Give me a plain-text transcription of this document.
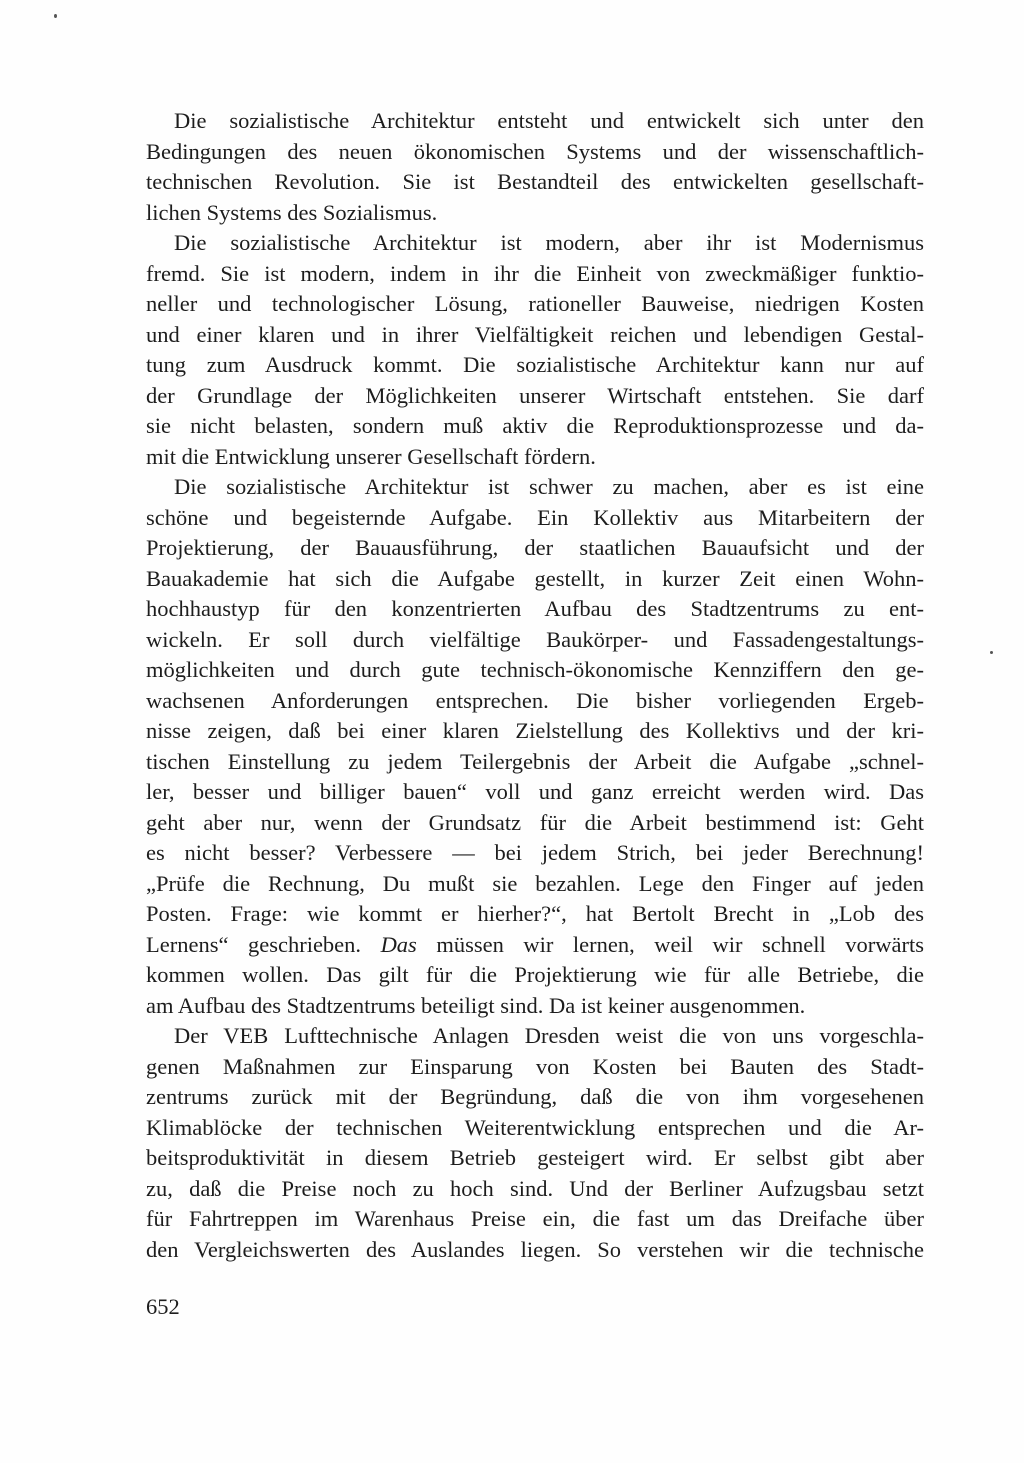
Die sozialistische Architektur entsteht und entwickelt sich unter den
Bedingungen des neuen ökonomischen Systems und der wissenschaftlich-
technischen Revolution. Sie ist Bestandteil des entwickelten gesellschaft-
lichen Systems des Sozialismus.
Die sozialistische Architektur ist modern, aber ihr ist Modernismus
fremd. Sie ist modern, indem in ihr die Einheit von zweckmäßiger funktio-
neller und technologischer Lösung, rationeller Bauweise, niedrigen Kosten
und einer klaren und in ihrer Vielfältigkeit reichen und lebendigen Gestal-
tung zum Ausdruck kommt. Die sozialistische Architektur kann nur auf
der Grundlage der Möglichkeiten unserer Wirtschaft entstehen. Sie darf
sie nicht belasten, sondern muß aktiv die Reproduktionsprozesse und da-
mit die Entwicklung unserer Gesellschaft fördern.
Die sozialistische Architektur ist schwer zu machen, aber es ist eine
schöne und begeisternde Aufgabe. Ein Kollektiv aus Mitarbeitern der
Projektierung, der Bauausführung, der staatlichen Bauaufsicht und der
Bauakademie hat sich die Aufgabe gestellt, in kurzer Zeit einen Wohn-
hochhaustyp für den konzentrierten Aufbau des Stadtzentrums zu ent-
wickeln. Er soll durch vielfältige Baukörper- und Fassadengestaltungs-
möglichkeiten und durch gute technisch-ökonomische Kennziffern den ge-
wachsenen Anforderungen entsprechen. Die bisher vorliegenden Ergeb-
nisse zeigen, daß bei einer klaren Zielstellung des Kollektivs und der kri-
tischen Einstellung zu jedem Teilergebnis der Arbeit die Aufgabe „schnel-
ler, besser und billiger bauen“ voll und ganz erreicht werden wird. Das
geht aber nur, wenn der Grundsatz für die Arbeit bestimmend ist: Geht
es nicht besser? Verbessere — bei jedem Strich, bei jeder Berechnung!
„Prüfe die Rechnung, Du mußt sie bezahlen. Lege den Finger auf jeden
Posten. Frage: wie kommt er hierher?“, hat Bertolt Brecht in „Lob des
Lernens“ geschrieben. Das müssen wir lernen, weil wir schnell vorwärts
kommen wollen. Das gilt für die Projektierung wie für alle Betriebe, die
am Aufbau des Stadtzentrums beteiligt sind. Da ist keiner ausgenommen.
Der VEB Lufttechnische Anlagen Dresden weist die von uns vorgeschla-
genen Maßnahmen zur Einsparung von Kosten bei Bauten des Stadt-
zentrums zurück mit der Begründung, daß die von ihm vorgesehenen
Klimablöcke der technischen Weiterentwicklung entsprechen und die Ar-
beitsproduktivität in diesem Betrieb gesteigert wird. Er selbst gibt aber
zu, daß die Preise noch zu hoch sind. Und der Berliner Aufzugsbau setzt
für Fahrtreppen im Warenhaus Preise ein, die fast um das Dreifache über
den Vergleichswerten des Auslandes liegen. So verstehen wir die technische
652
